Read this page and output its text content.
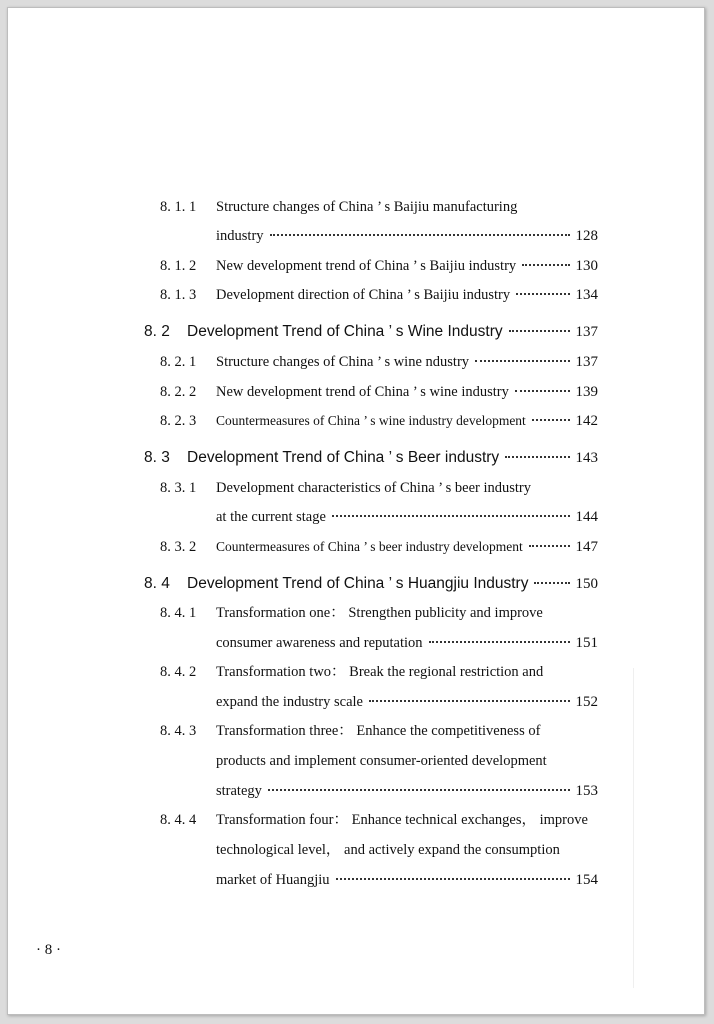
8. 1. 1	Structure changes of China ’ s Baijiu manufacturing
industry	128
8. 1. 2	New development trend of China ’ s Baijiu industry	130
8. 1. 3	Development direction of China ’ s Baijiu industry	134
8. 2 Development Trend of China ’ s Wine Industry	137
8. 2. 1	Structure changes of China ’ s wine ndustry	137
8. 2. 2	New development trend of China ’ s wine industry	139
8. 2. 3	Countermeasures of China ’ s wine industry development	142
8. 3 Development Trend of China ’ s Beer industry	143
8. 3. 1	Development characteristics of China ’ s beer industry
at the current stage	144
8. 3. 2	Countermeasures of China ’ s beer industry development	147
8. 4 Development Trend of China ’ s Huangjiu Industry	150
8. 4. 1	Transformation one： Strengthen publicity and improve
consumer awareness and reputation	151
8. 4. 2	Transformation two： Break the regional restriction and
expand the industry scale	152
8. 4. 3	Transformation three： Enhance the competitiveness of
products and implement consumer-oriented development
strategy	153
8. 4. 4	Transformation four： Enhance technical exchanges， improve
technological level， and actively expand the consumption
market of Huangjiu	154
· 8 ·
